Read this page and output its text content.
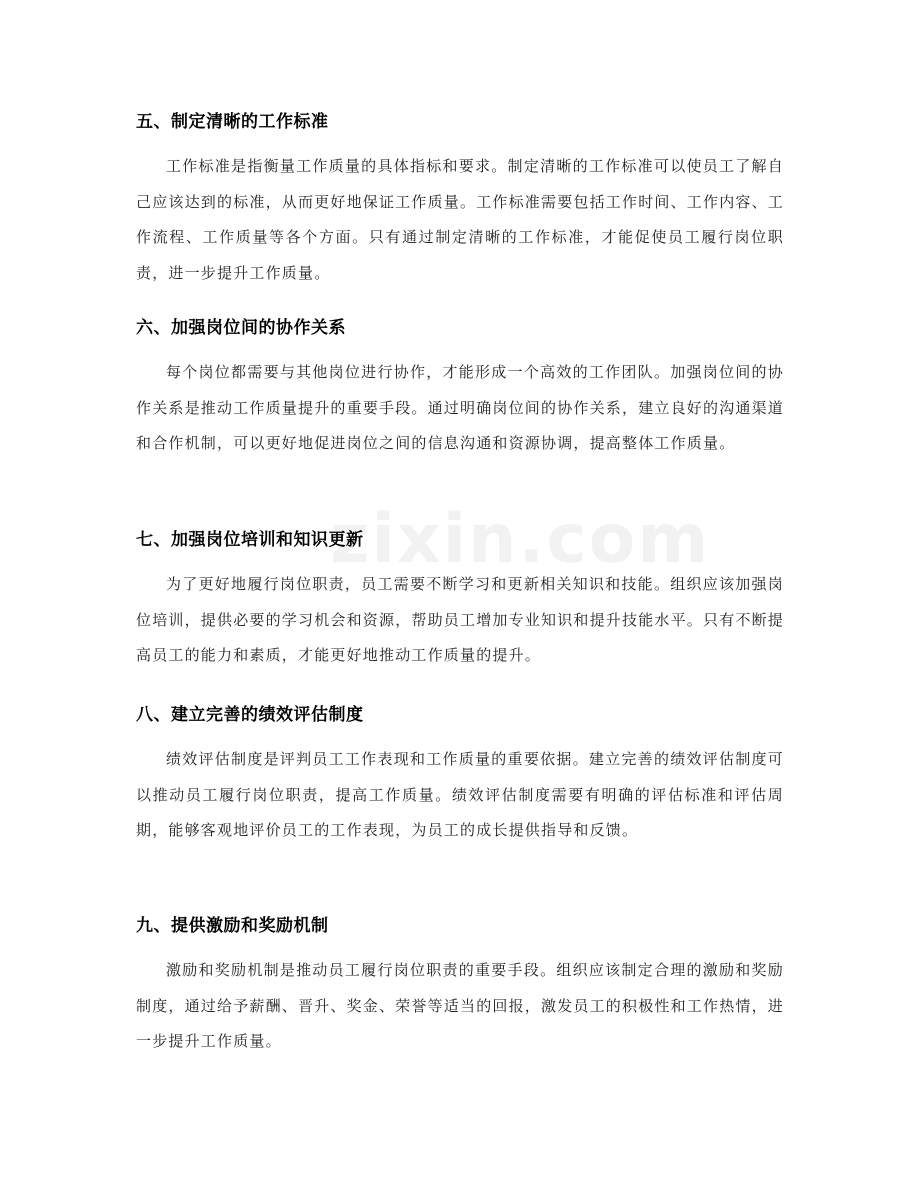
zixin.com
五、制定清晰的工作标准

工作标准是指衡量工作质量的具体指标和要求。制定清晰的工作标准可以使员工了解自己应该达到的标准，从而更好地保证工作质量。工作标准需要包括工作时间、工作内容、工作流程、工作质量等各个方面。只有通过制定清晰的工作标准，才能促使员工履行岗位职责，进一步提升工作质量。

六、加强岗位间的协作关系

每个岗位都需要与其他岗位进行协作，才能形成一个高效的工作团队。加强岗位间的协作关系是推动工作质量提升的重要手段。通过明确岗位间的协作关系，建立良好的沟通渠道和合作机制，可以更好地促进岗位之间的信息沟通和资源协调，提高整体工作质量。

七、加强岗位培训和知识更新

为了更好地履行岗位职责，员工需要不断学习和更新相关知识和技能。组织应该加强岗位培训，提供必要的学习机会和资源，帮助员工增加专业知识和提升技能水平。只有不断提高员工的能力和素质，才能更好地推动工作质量的提升。

八、建立完善的绩效评估制度

绩效评估制度是评判员工工作表现和工作质量的重要依据。建立完善的绩效评估制度可以推动员工履行岗位职责，提高工作质量。绩效评估制度需要有明确的评估标准和评估周期，能够客观地评价员工的工作表现，为员工的成长提供指导和反馈。

九、提供激励和奖励机制

激励和奖励机制是推动员工履行岗位职责的重要手段。组织应该制定合理的激励和奖励制度，通过给予薪酬、晋升、奖金、荣誉等适当的回报，激发员工的积极性和工作热情，进一步提升工作质量。
